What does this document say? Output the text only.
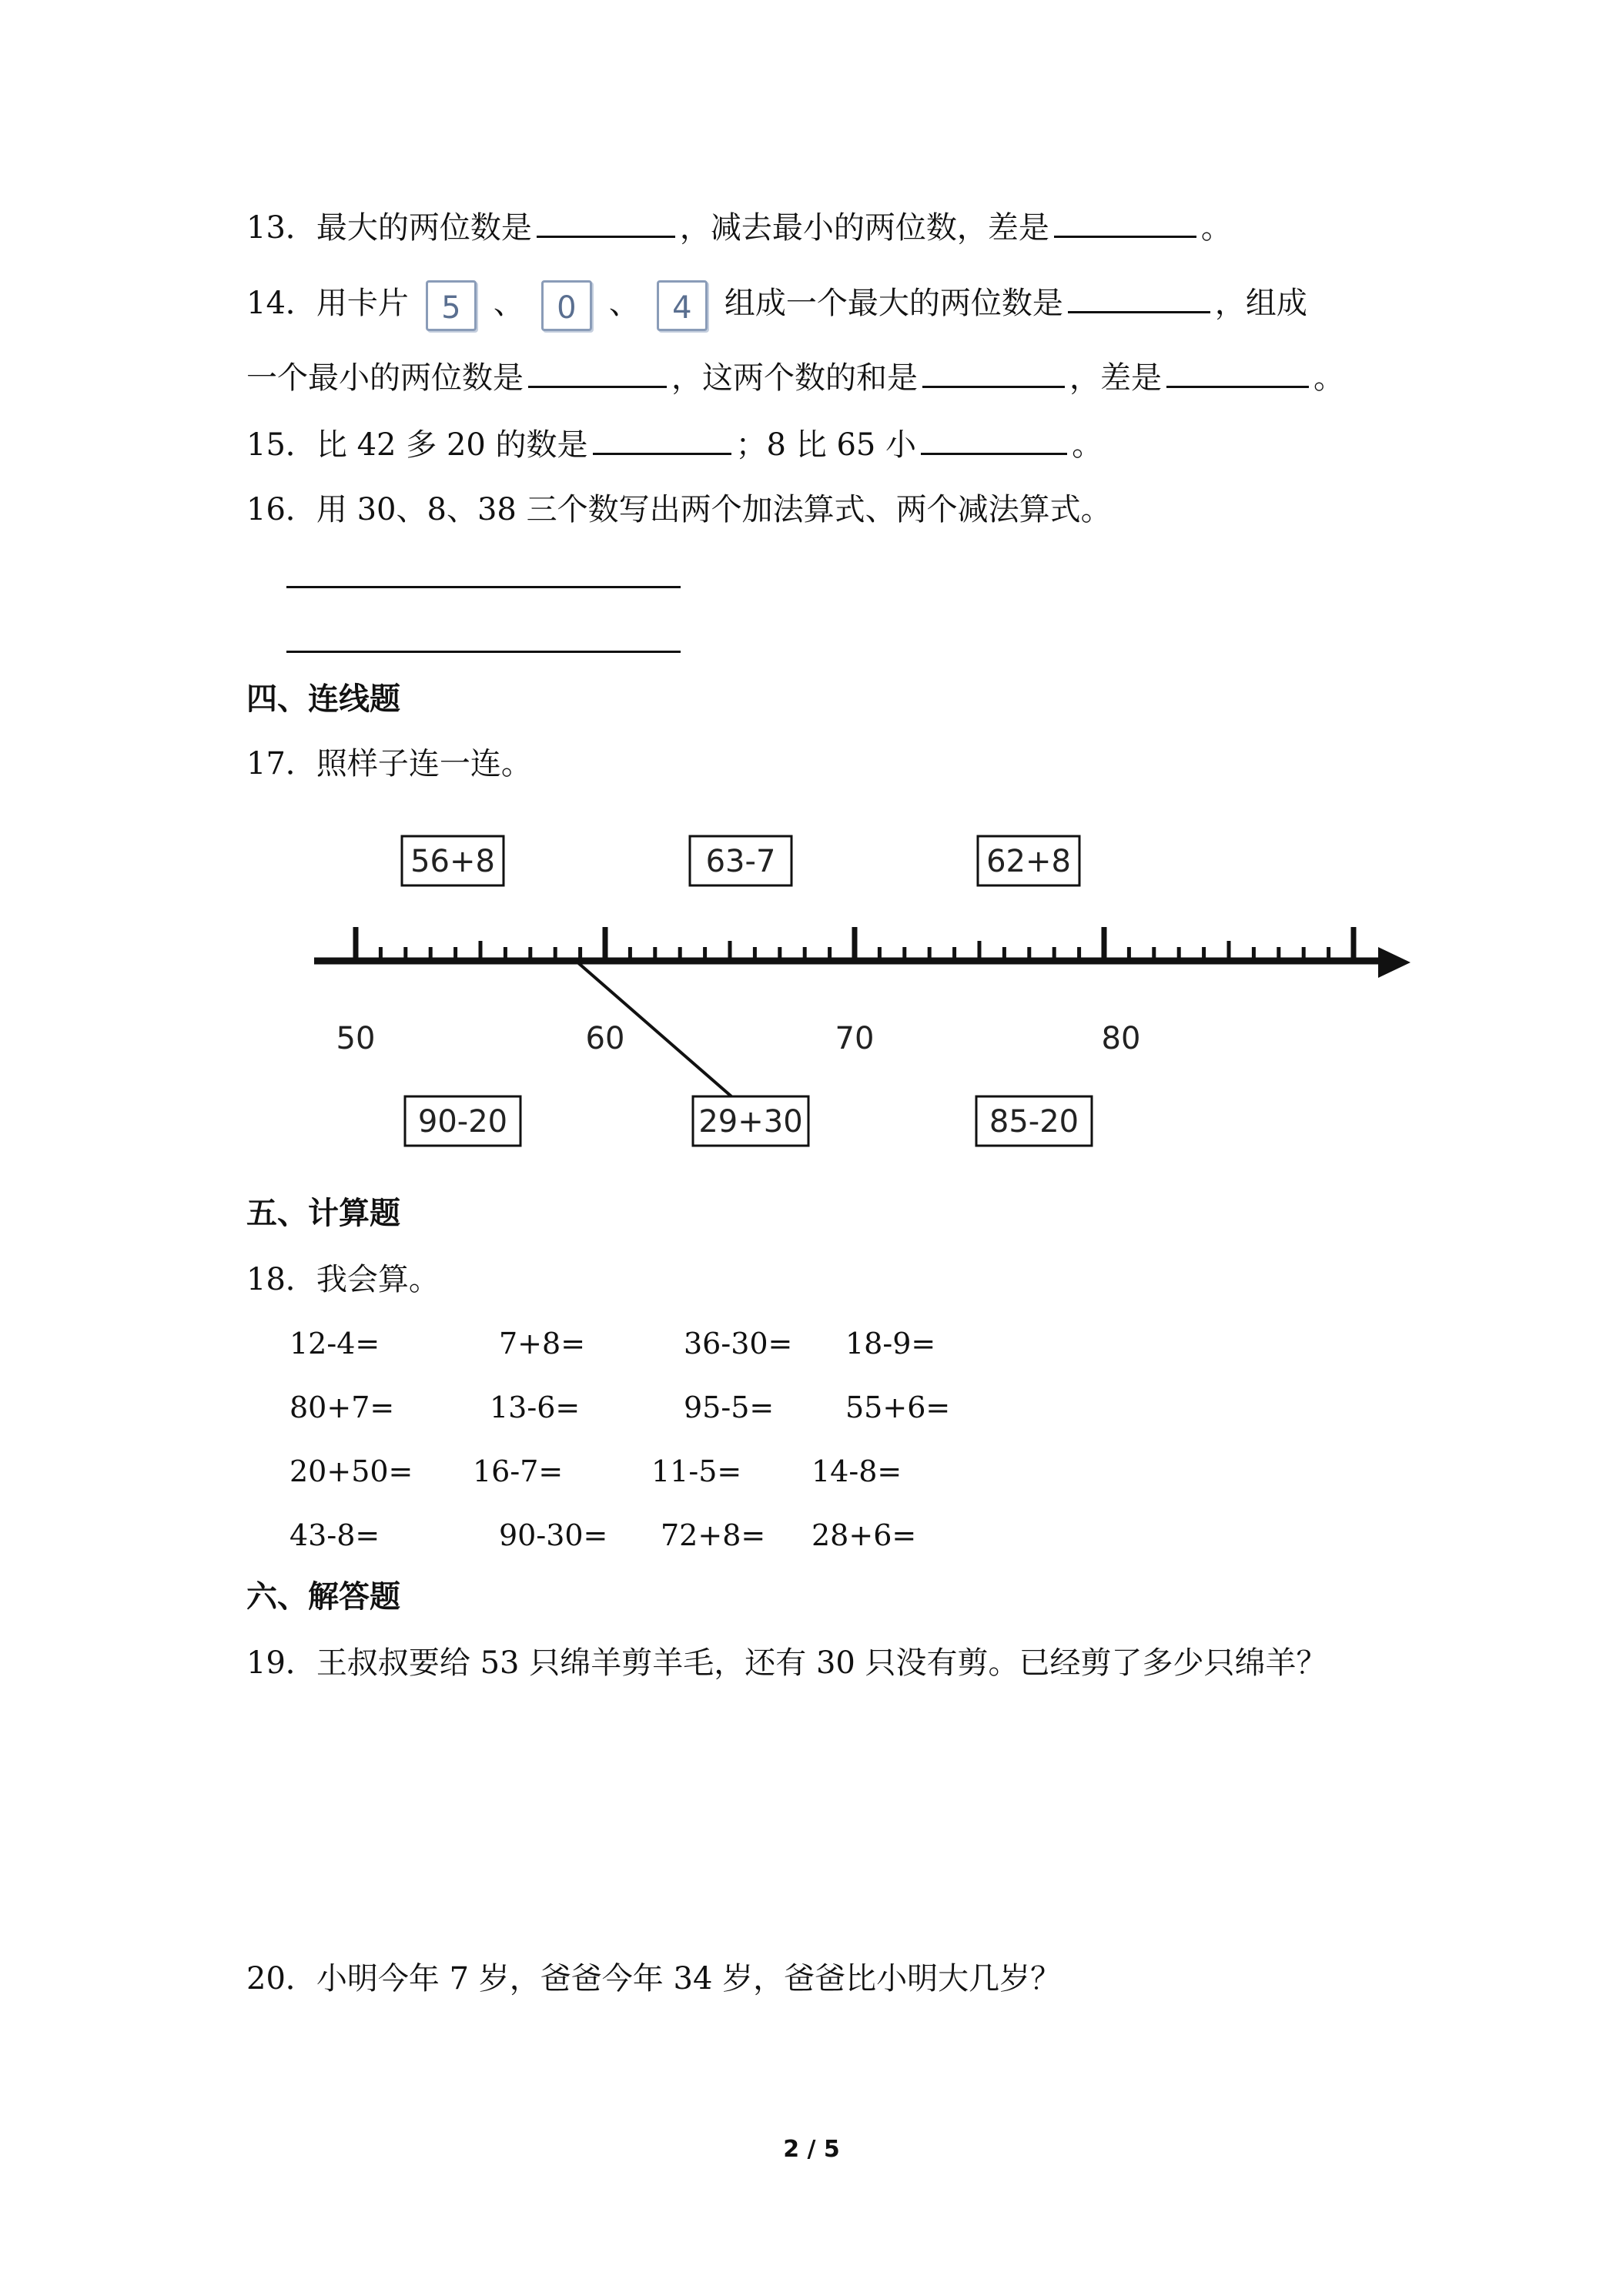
13．最大的两位数是	，减去最小的两位数，差是	。
14．用卡片 5 、 0 、 4 组成一个最大的两位数是	，组成
一个最小的两位数是	，这两个数的和是	，差是	。
15．比 42 多 20 的数是	；8 比 65 小	。
16．用 30、8、38 三个数写出两个加法算式、两个减法算式。
四、连线题
17．照样子连一连。
56+8	63-7	62+8
50	60	70	80
90-20	29+30	85-20
五、计算题
18．我会算。
12-4=	7+8=	36-30= 18-9=
80+7=	13-6=	95-5= 55+6=
20+50= 16-7=	11-5= 14-8=
43-8=	90-30= 72+8= 28+6=
六、解答题
19．王叔叔要给 53 只绵羊剪羊毛，还有 30 只没有剪。已经剪了多少只绵羊？
20．小明今年 7 岁，爸爸今年 34 岁，爸爸比小明大几岁？
2 / 5
